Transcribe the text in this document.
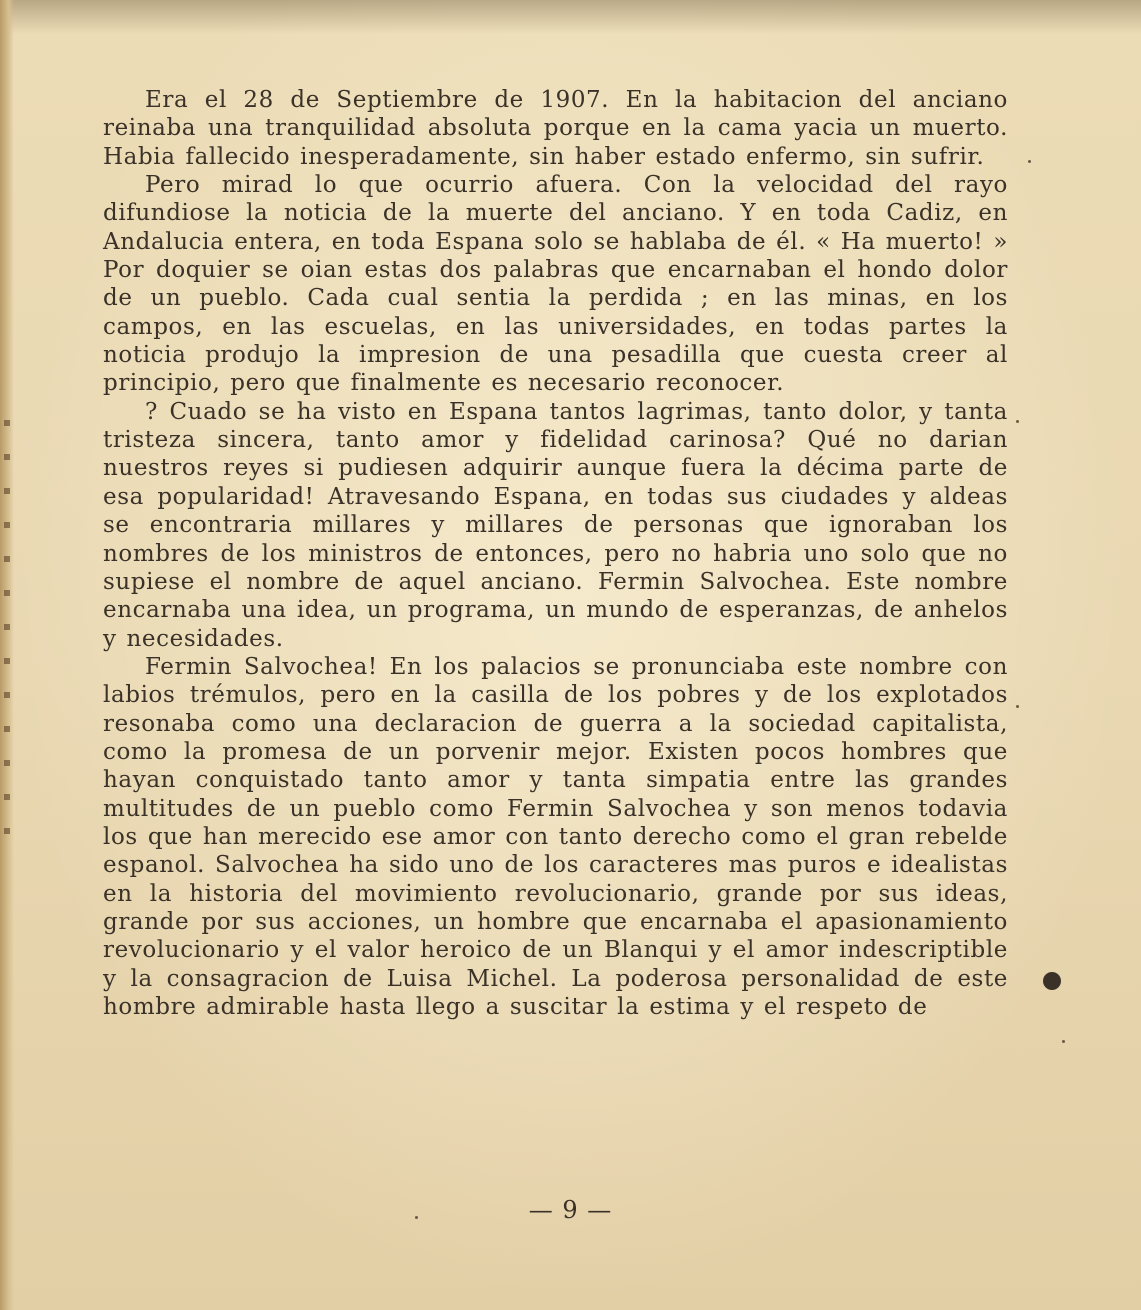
Era el 28 de Septiembre de 1907. En la habitacion del anciano reinaba una tranquilidad absoluta porque en la cama yacia un muerto. Habia fallecido inesperadamente, sin haber estado enfermo, sin sufrir.

Pero mirad lo que ocurrio afuera. Con la velocidad del rayo difundiose la noticia de la muerte del anciano. Y en toda Cadiz, en Andalucia entera, en toda Espana solo se hablaba de él. « Ha muerto! » Por doquier se oian estas dos palabras que encarnaban el hondo dolor de un pueblo. Cada cual sentia la perdida ; en las minas, en los campos, en las escuelas, en las universidades, en todas partes la noticia produjo la impresion de una pesadilla que cuesta creer al principio, pero que finalmente es necesario reconocer.

? Cuado se ha visto en Espana tantos lagrimas, tanto dolor, y tanta tristeza sincera, tanto amor y fidelidad carinosa? Qué no darian nuestros reyes si pudiesen adquirir aunque fuera la décima parte de esa popularidad! Atravesando Espana, en todas sus ciudades y aldeas se encontraria millares y millares de personas que ignoraban los nombres de los ministros de entonces, pero no habria uno solo que no supiese el nombre de aquel anciano. Fermin Salvochea. Este nombre encarnaba una idea, un programa, un mundo de esperanzas, de anhelos y necesidades.

Fermin Salvochea! En los palacios se pronunciaba este nombre con labios trémulos, pero en la casilla de los pobres y de los explotados resonaba como una declaracion de guerra a la sociedad capitalista, como la promesa de un porvenir mejor. Existen pocos hombres que hayan conquistado tanto amor y tanta simpatia entre las grandes multitudes de un pueblo como Fermin Salvochea y son menos todavia los que han merecido ese amor con tanto derecho como el gran rebelde espanol. Salvochea ha sido uno de los caracteres mas puros e idealistas en la historia del movimiento revolucionario, grande por sus ideas, grande por sus acciones, un hombre que encarnaba el apasionamiento revolucionario y el valor heroico de un Blanqui y el amor indescriptible y la consagracion de Luisa Michel. La poderosa personalidad de este hombre admirable hasta llego a suscitar la estima y el respeto de

— 9 —
